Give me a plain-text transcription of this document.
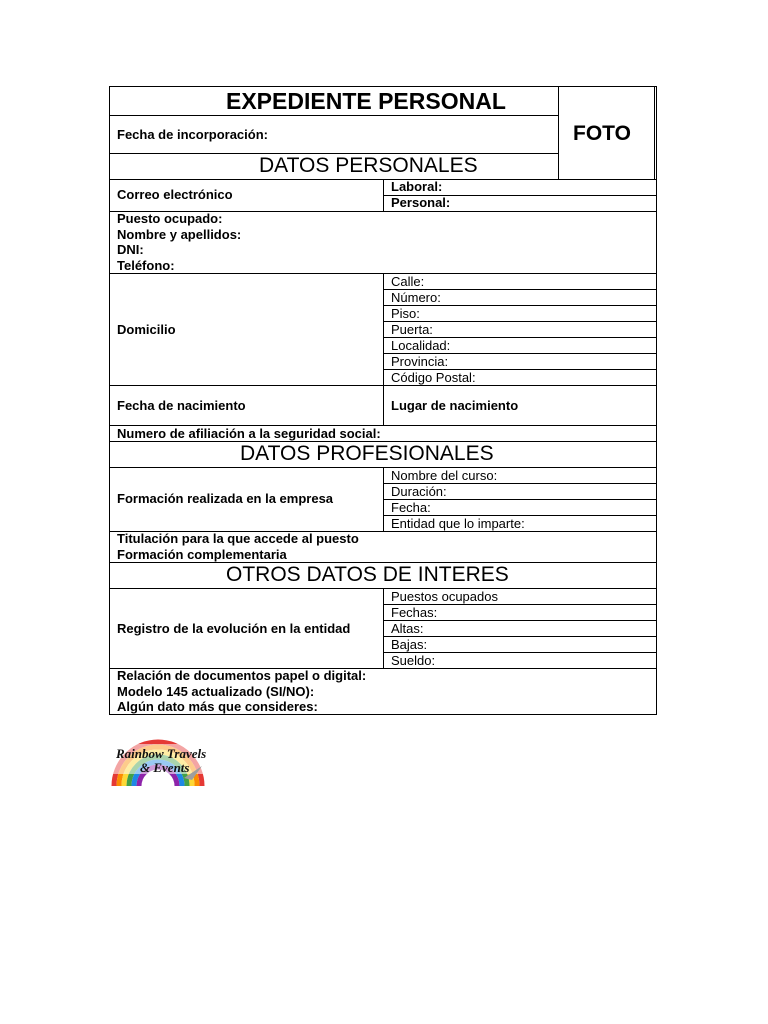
EXPEDIENTE PERSONAL
FOTO
Fecha de incorporación:
DATOS PERSONALES
Correo electrónico
Laboral:
Personal:
Puesto ocupado:
Nombre y apellidos:
DNI:
Teléfono:
Domicilio
Calle:
Número:
Piso:
Puerta:
Localidad:
Provincia:
Código Postal:
Fecha de nacimiento	Lugar de nacimiento
Numero de afiliación a la seguridad social:
DATOS PROFESIONALES
Formación realizada en la empresa
Nombre del curso:
Duración:
Fecha:
Entidad que lo imparte:
Titulación para la que accede al puesto
Formación complementaria
OTROS DATOS DE INTERES
Registro de la evolución en la entidad
Puestos ocupados
Fechas:
Altas:
Bajas:
Sueldo:
Relación de documentos papel o digital:
Modelo 145 actualizado (SI/NO):
Algún dato más que consideres:
Rainbow Travels
& Events
